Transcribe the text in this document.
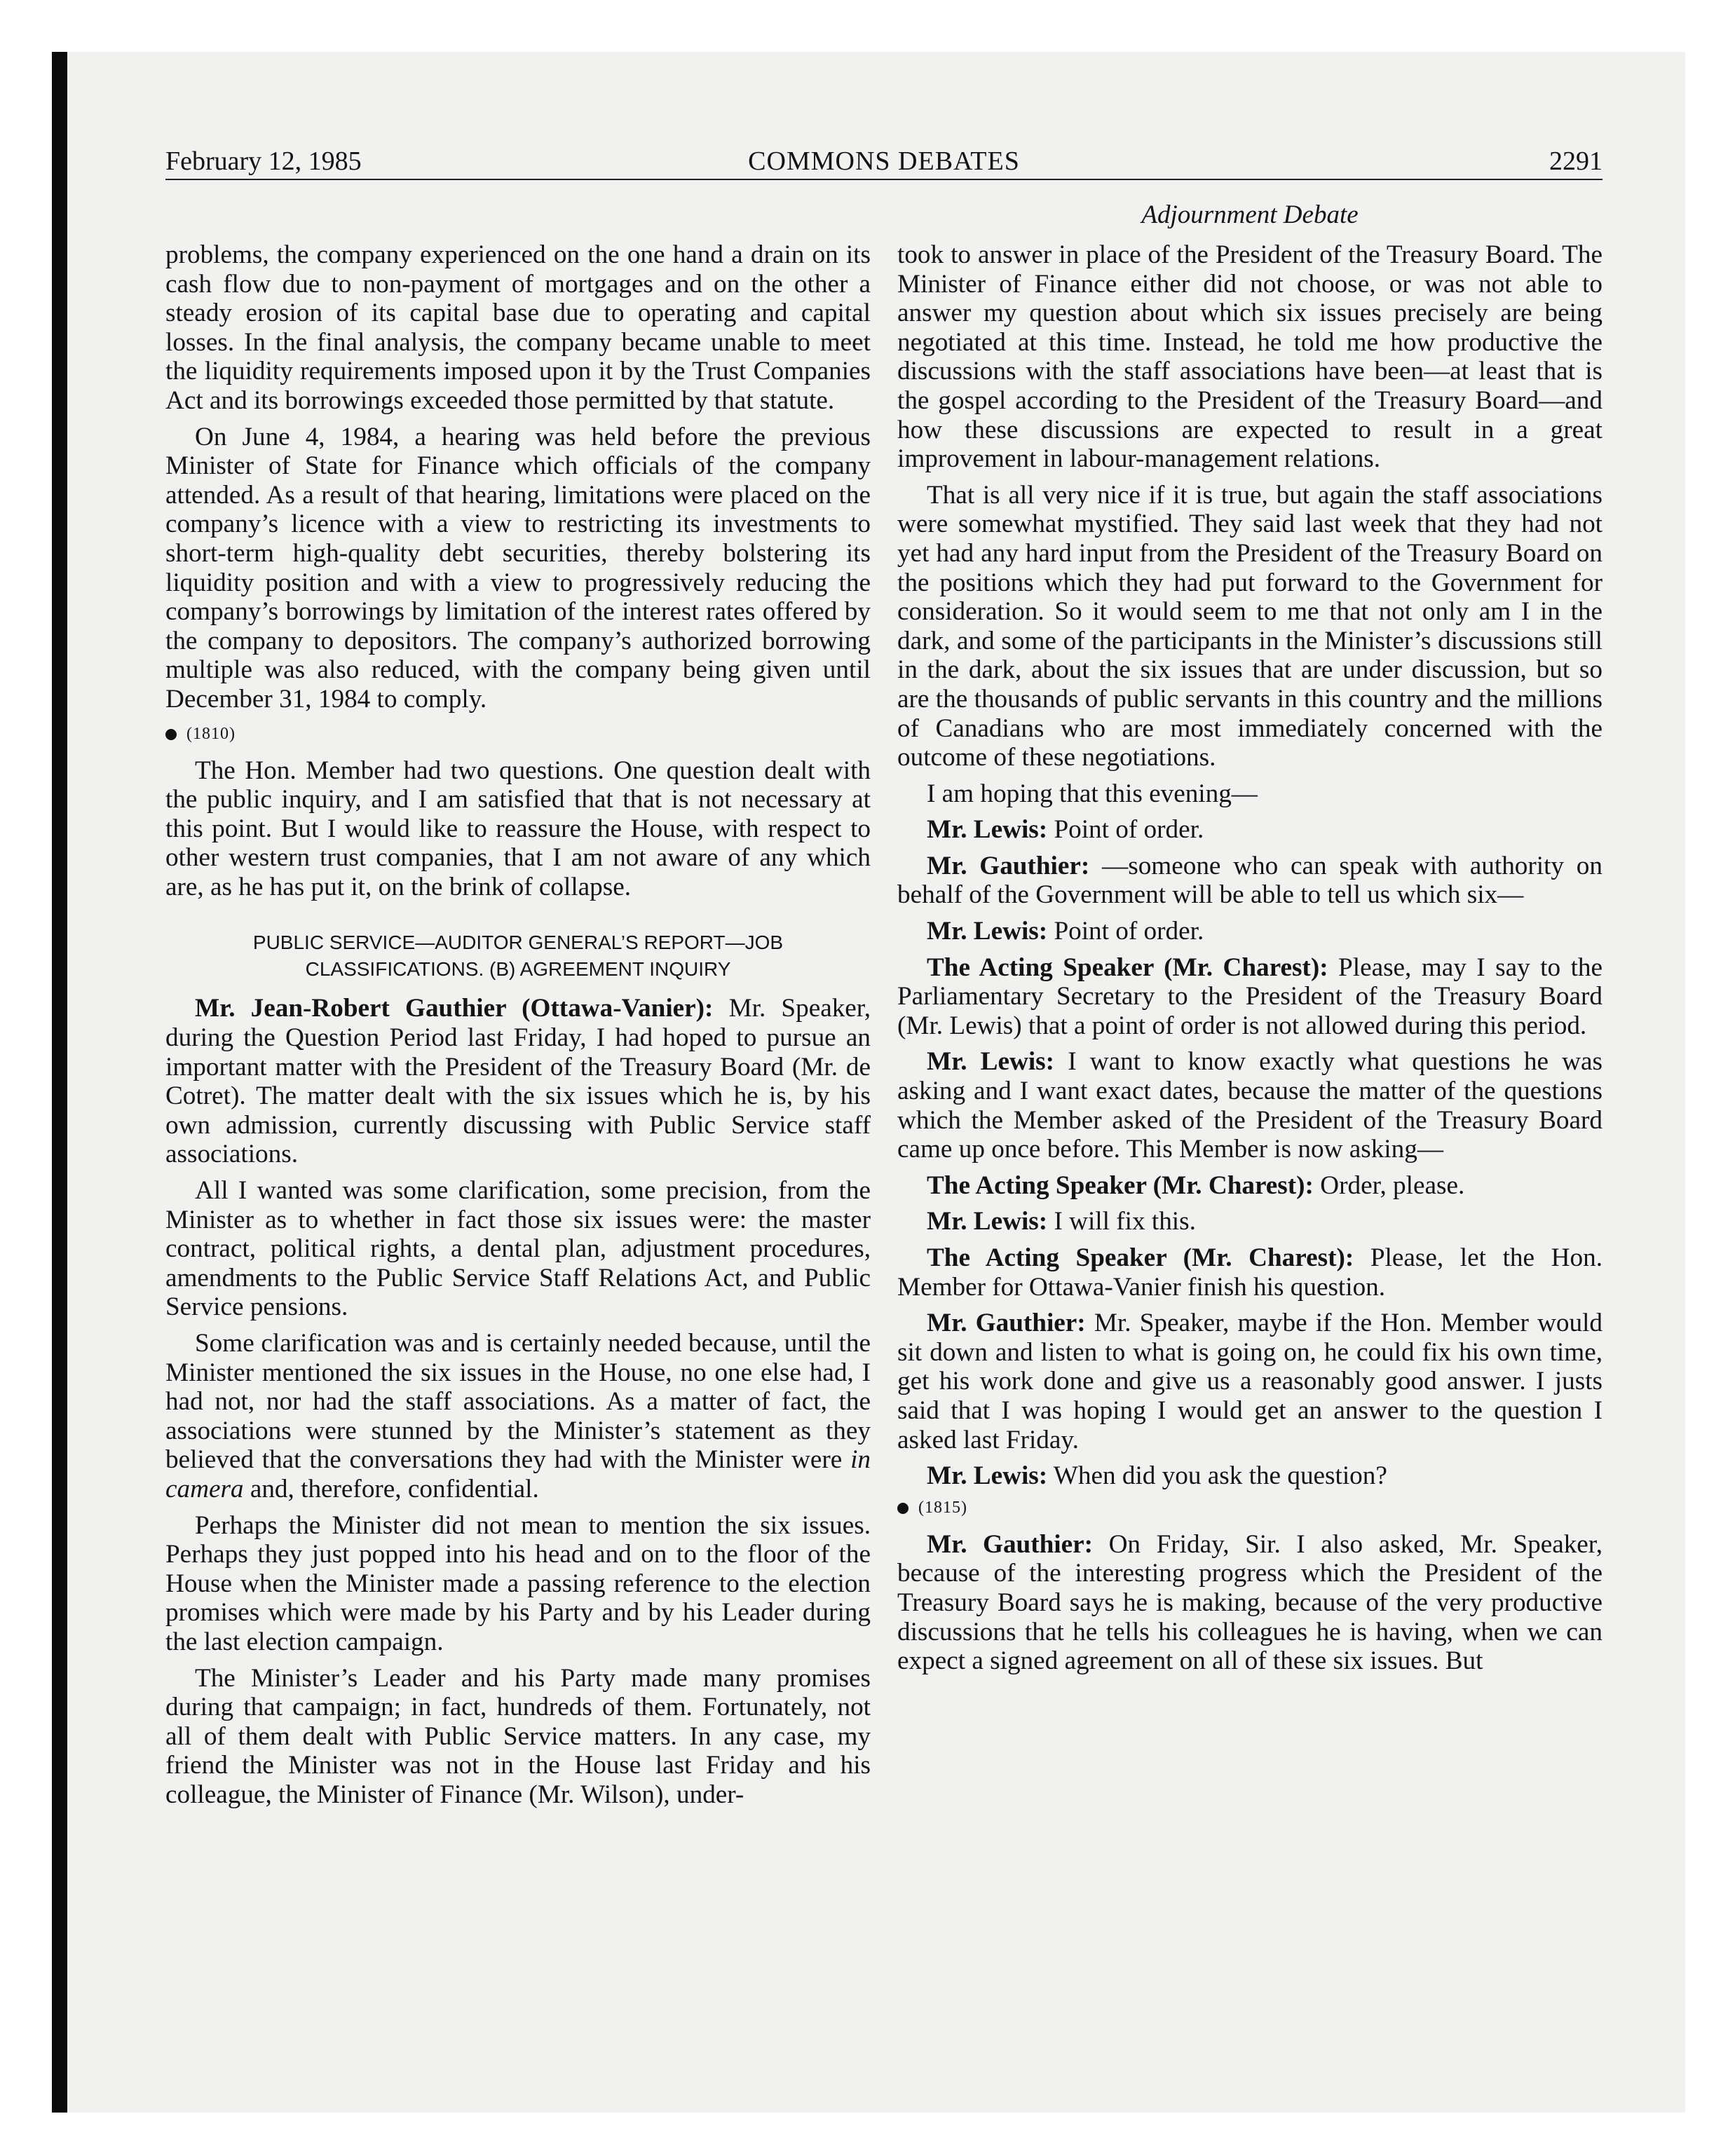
February 12, 1985	COMMONS DEBATES	2291
Adjournment Debate

problems, the company experienced on the one hand a drain on its cash flow due to non-payment of mortgages and on the other a steady erosion of its capital base due to operating and capital losses. In the final analysis, the company became unable to meet the liquidity requirements imposed upon it by the Trust Companies Act and its borrowings exceeded those permitted by that statute.

On June 4, 1984, a hearing was held before the previous Minister of State for Finance which officials of the company attended. As a result of that hearing, limitations were placed on the company’s licence with a view to restricting its investments to short-term high-quality debt securities, thereby bolstering its liquidity position and with a view to progressively reducing the company’s borrowings by limitation of the interest rates offered by the company to depositors. The company’s authorized borrowing multiple was also reduced, with the company being given until December 31, 1984 to comply.

(1810)

The Hon. Member had two questions. One question dealt with the public inquiry, and I am satisfied that that is not necessary at this point. But I would like to reassure the House, with respect to other western trust companies, that I am not aware of any which are, as he has put it, on the brink of collapse.

PUBLIC SERVICE—AUDITOR GENERAL’S REPORT—JOB
CLASSIFICATIONS. (B) AGREEMENT INQUIRY

Mr. Jean-Robert Gauthier (Ottawa-Vanier): Mr. Speaker, during the Question Period last Friday, I had hoped to pursue an important matter with the President of the Treasury Board (Mr. de Cotret). The matter dealt with the six issues which he is, by his own admission, currently discussing with Public Service staff associations.

All I wanted was some clarification, some precision, from the Minister as to whether in fact those six issues were: the master contract, political rights, a dental plan, adjustment procedures, amendments to the Public Service Staff Relations Act, and Public Service pensions.

Some clarification was and is certainly needed because, until the Minister mentioned the six issues in the House, no one else had, I had not, nor had the staff associations. As a matter of fact, the associations were stunned by the Minister’s statement as they believed that the conversations they had with the Minister were in camera and, therefore, confidential.

Perhaps the Minister did not mean to mention the six issues. Perhaps they just popped into his head and on to the floor of the House when the Minister made a passing reference to the election promises which were made by his Party and by his Leader during the last election campaign.

The Minister’s Leader and his Party made many promises during that campaign; in fact, hundreds of them. Fortunately, not all of them dealt with Public Service matters. In any case, my friend the Minister was not in the House last Friday and his colleague, the Minister of Finance (Mr. Wilson), under-

took to answer in place of the President of the Treasury Board. The Minister of Finance either did not choose, or was not able to answer my question about which six issues precisely are being negotiated at this time. Instead, he told me how productive the discussions with the staff associations have been—at least that is the gospel according to the President of the Treasury Board—and how these discussions are expected to result in a great improvement in labour-management relations.

That is all very nice if it is true, but again the staff associations were somewhat mystified. They said last week that they had not yet had any hard input from the President of the Treasury Board on the positions which they had put forward to the Government for consideration. So it would seem to me that not only am I in the dark, and some of the participants in the Minister’s discussions still in the dark, about the six issues that are under discussion, but so are the thousands of public servants in this country and the millions of Canadians who are most immediately concerned with the outcome of these negotiations.

I am hoping that this evening—

Mr. Lewis: Point of order.

Mr. Gauthier: —someone who can speak with authority on behalf of the Government will be able to tell us which six—

Mr. Lewis: Point of order.

The Acting Speaker (Mr. Charest): Please, may I say to the Parliamentary Secretary to the President of the Treasury Board (Mr. Lewis) that a point of order is not allowed during this period.

Mr. Lewis: I want to know exactly what questions he was asking and I want exact dates, because the matter of the questions which the Member asked of the President of the Treasury Board came up once before. This Member is now asking—

The Acting Speaker (Mr. Charest): Order, please.

Mr. Lewis: I will fix this.

The Acting Speaker (Mr. Charest): Please, let the Hon. Member for Ottawa-Vanier finish his question.

Mr. Gauthier: Mr. Speaker, maybe if the Hon. Member would sit down and listen to what is going on, he could fix his own time, get his work done and give us a reasonably good answer. I justs said that I was hoping I would get an answer to the question I asked last Friday.

Mr. Lewis: When did you ask the question?

(1815)

Mr. Gauthier: On Friday, Sir. I also asked, Mr. Speaker, because of the interesting progress which the President of the Treasury Board says he is making, because of the very productive discussions that he tells his colleagues he is having, when we can expect a signed agreement on all of these six issues. But
